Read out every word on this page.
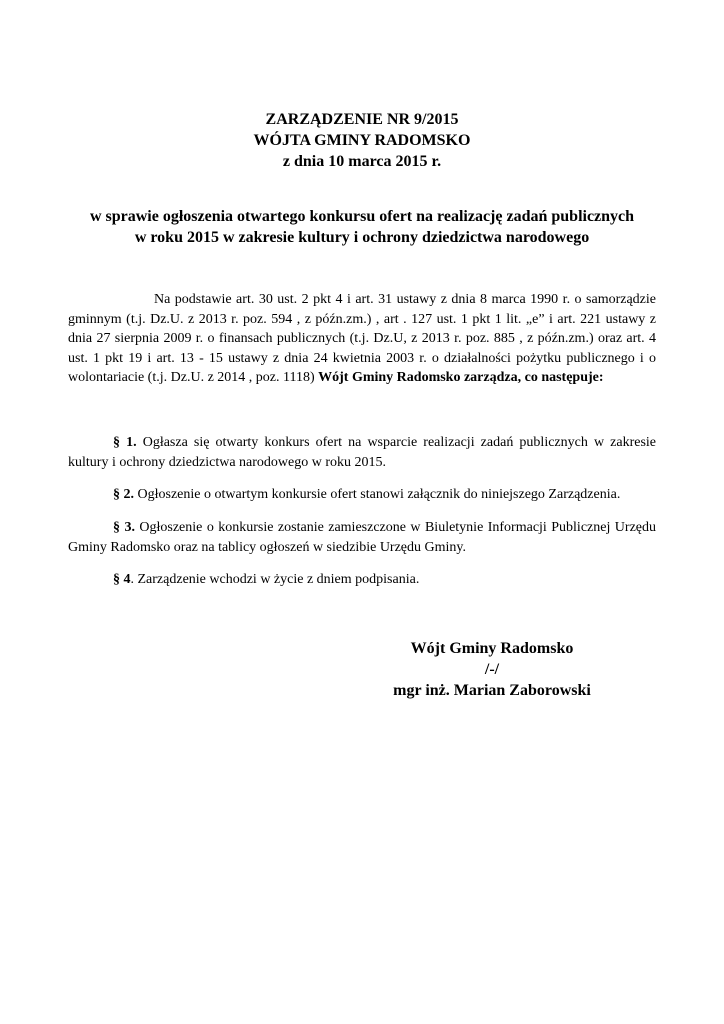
ZARZĄDZENIE NR 9/2015
WÓJTA GMINY RADOMSKO
z dnia 10 marca 2015 r.
w sprawie ogłoszenia otwartego konkursu ofert na realizację zadań publicznych
w roku 2015 w zakresie kultury i ochrony dziedzictwa narodowego
Na podstawie art. 30 ust. 2 pkt 4 i art. 31 ustawy z dnia 8 marca 1990 r. o samorządzie gminnym (t.j. Dz.U. z 2013 r. poz. 594 , z późn.zm.) , art . 127 ust. 1 pkt 1 lit. „e” i art. 221 ustawy z dnia 27 sierpnia 2009 r. o finansach publicznych (t.j. Dz.U, z 2013 r. poz. 885 , z późn.zm.) oraz art. 4 ust. 1 pkt 19 i art. 13 - 15 ustawy z dnia 24 kwietnia 2003 r. o działalności pożytku publicznego i o wolontariacie (t.j. Dz.U. z 2014 , poz. 1118) Wójt Gminy Radomsko zarządza, co następuje:
§ 1. Ogłasza się otwarty konkurs ofert na wsparcie realizacji zadań publicznych w zakresie kultury i ochrony dziedzictwa narodowego w roku 2015.
§ 2. Ogłoszenie o otwartym konkursie ofert stanowi załącznik do niniejszego Zarządzenia.
§ 3. Ogłoszenie o konkursie zostanie zamieszczone w Biuletynie Informacji Publicznej Urzędu Gminy Radomsko oraz na tablicy ogłoszeń w siedzibie Urzędu Gminy.
§ 4. Zarządzenie wchodzi w życie z dniem podpisania.
Wójt Gminy Radomsko
/-/
mgr inż. Marian Zaborowski
